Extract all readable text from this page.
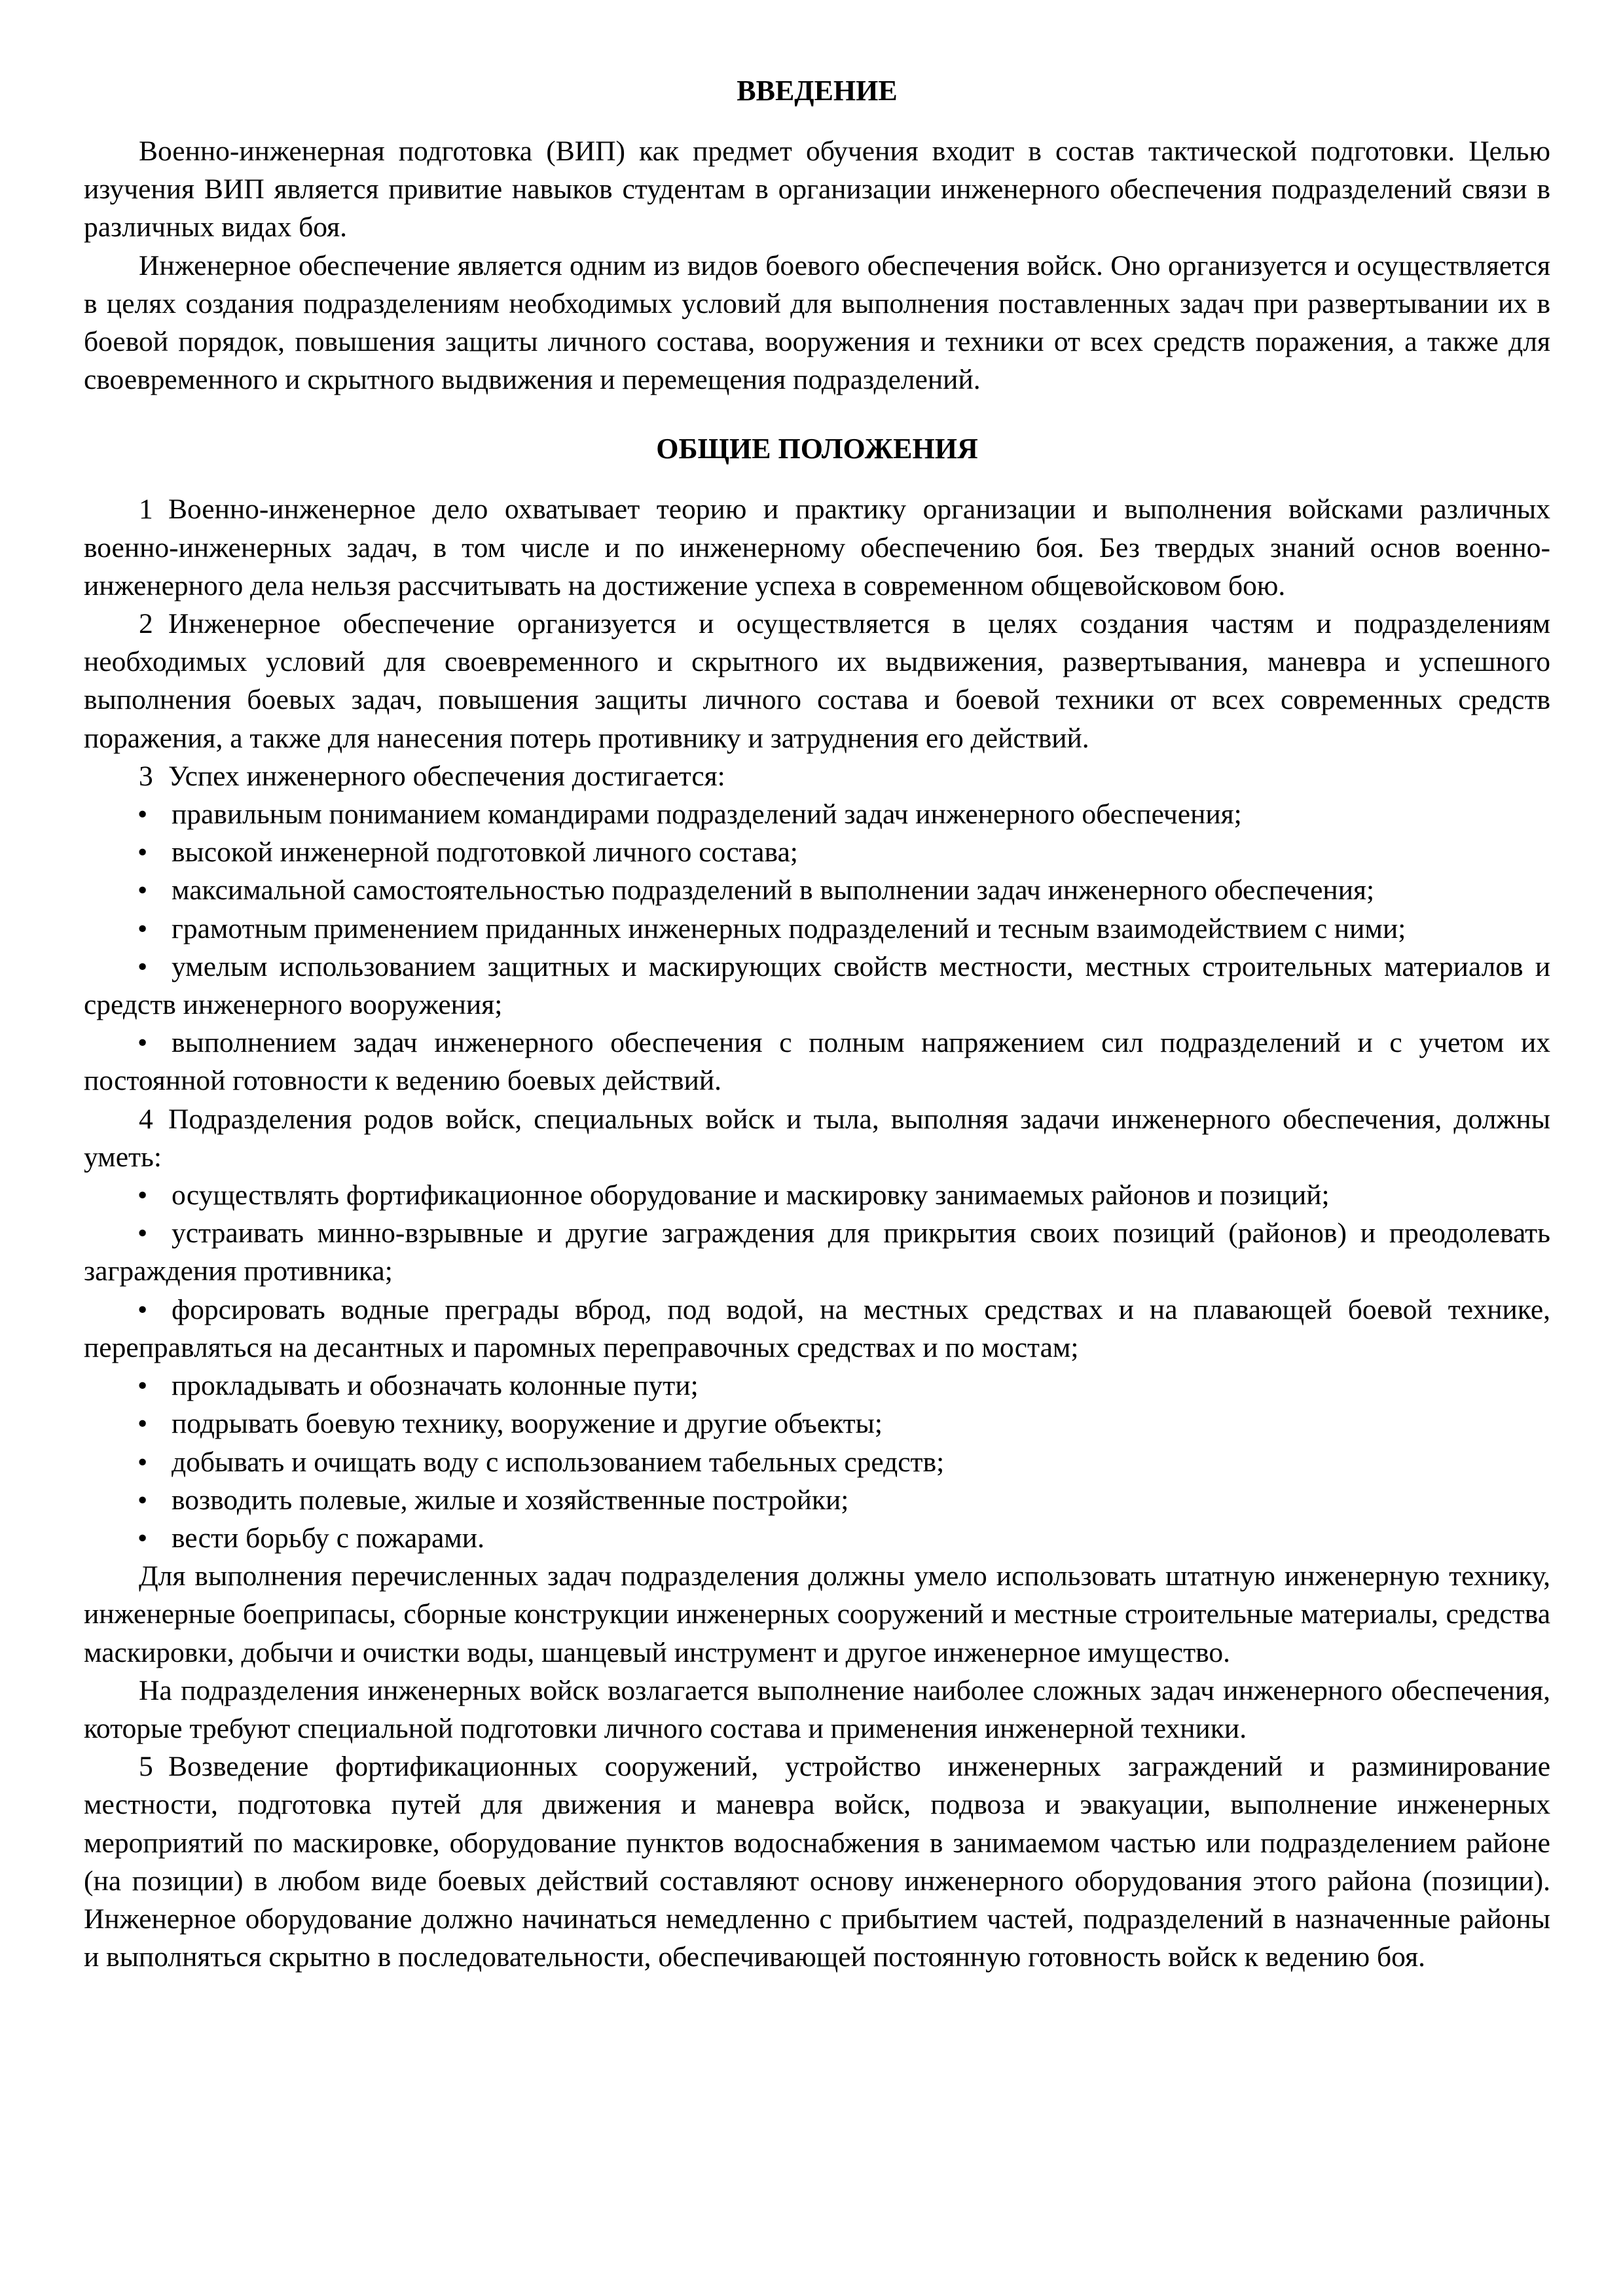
ВВЕДЕНИЕ

Военно-инженерная подготовка (ВИП) как предмет обучения входит в состав тактической подготовки. Целью изучения ВИП является привитие навыков студентам в организации инженерного обеспечения подразделений связи в различных видах боя.

Инженерное обеспечение является одним из видов боевого обеспечения войск. Оно организуется и осуществляется в целях создания подразделениям необходимых условий для выполнения поставленных задач при развертывании их в боевой порядок, повышения защиты личного состава, вооружения и техники от всех средств поражения, а также для своевременного и скрытного выдвижения и перемещения подразделений.

ОБЩИЕ ПОЛОЖЕНИЯ

1 Военно-инженерное дело охватывает теорию и практику организации и выполнения войсками различных военно-инженерных задач, в том числе и по инженерному обеспечению боя. Без твердых знаний основ военно-инженерного дела нельзя рассчитывать на достижение успеха в современном общевойсковом бою.

2 Инженерное обеспечение организуется и осуществляется в целях создания частям и подразделениям необходимых условий для своевременного и скрытного их выдвижения, развертывания, маневра и успешного выполнения боевых задач, повышения защиты личного состава и боевой техники от всех современных средств поражения, а также для нанесения потерь противнику и затруднения его действий.

3 Успех инженерного обеспечения достигается:

• правильным пониманием командирами подразделений задач инженерного обеспечения;

• высокой инженерной подготовкой личного состава;

• максимальной самостоятельностью подразделений в выполнении задач инженерного обеспечения;

• грамотным применением приданных инженерных подразделений и тесным взаимодействием с ними;

• умелым использованием защитных и маскирующих свойств местности, местных строительных материалов и средств инженерного вооружения;

• выполнением задач инженерного обеспечения с полным напряжением сил подразделений и с учетом их постоянной готовности к ведению боевых действий.

4 Подразделения родов войск, специальных войск и тыла, выполняя задачи инженерного обеспечения, должны уметь:

• осуществлять фортификационное оборудование и маскировку занимаемых районов и позиций;

• устраивать минно-взрывные и другие заграждения для прикрытия своих позиций (районов) и преодолевать заграждения противника;

• форсировать водные преграды вброд, под водой, на местных средствах и на плавающей боевой технике, переправляться на десантных и паромных переправочных средствах и по мостам;

• прокладывать и обозначать колонные пути;

• подрывать боевую технику, вооружение и другие объекты;

• добывать и очищать воду с использованием табельных средств;

• возводить полевые, жилые и хозяйственные постройки;

• вести борьбу с пожарами.

Для выполнения перечисленных задач подразделения должны умело использовать штатную инженерную технику, инженерные боеприпасы, сборные конструкции инженерных сооружений и местные строительные материалы, средства маскировки, добычи и очистки воды, шанцевый инструмент и другое инженерное имущество.

На подразделения инженерных войск возлагается выполнение наиболее сложных задач инженерного обеспечения, которые требуют специальной подготовки личного состава и применения инженерной техники.

5 Возведение фортификационных сооружений, устройство инженерных заграждений и разминирование местности, подготовка путей для движения и маневра войск, подвоза и эвакуации, выполнение инженерных мероприятий по маскировке, оборудование пунктов водоснабжения в занимаемом частью или подразделением районе (на позиции) в любом виде боевых действий составляют основу инженерного оборудования этого района (позиции). Инженерное оборудование должно начинаться немедленно с прибытием частей, подразделений в назначенные районы и выполняться скрытно в последовательности, обеспечивающей постоянную готовность войск к ведению боя.
